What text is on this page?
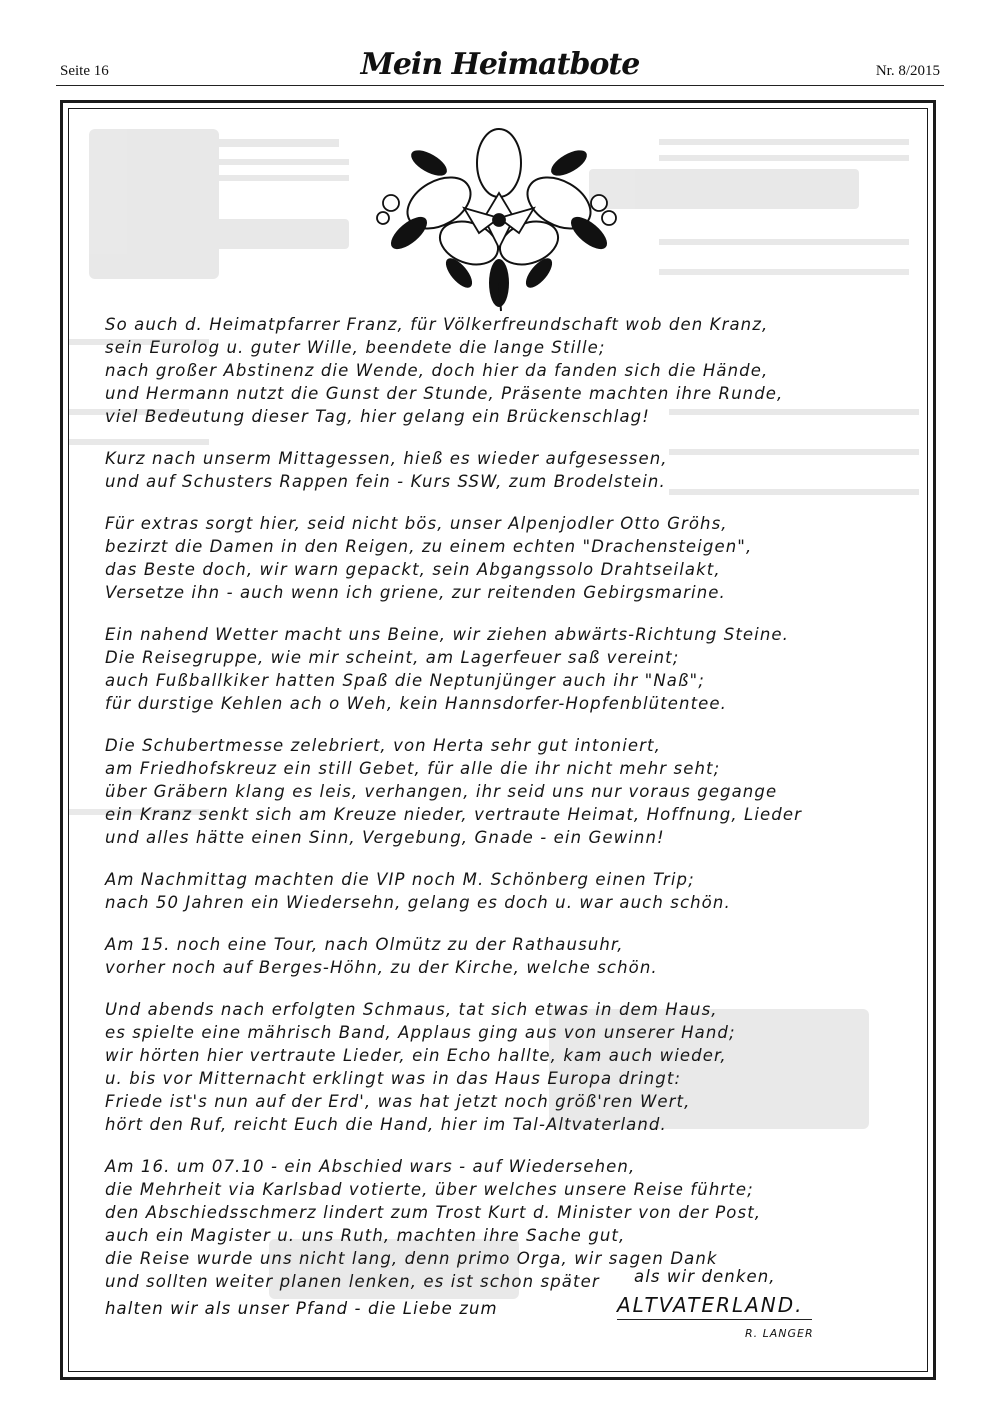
Seite 16	Mein Heimatbote	Nr. 8/2015
So auch d. Heimatpfarrer Franz, für Völkerfreundschaft wob den Kranz,
sein Eurolog u. guter Wille, beendete die lange Stille;
nach großer Abstinenz die Wende, doch hier da fanden sich die Hände,
und Hermann nutzt die Gunst der Stunde, Präsente machten ihre Runde,
viel Bedeutung dieser Tag, hier gelang ein Brückenschlag!
Kurz nach unserm Mittagessen, hieß es wieder aufgesessen,
und auf Schusters Rappen fein - Kurs SSW, zum Brodelstein.
Für extras sorgt hier, seid nicht bös, unser Alpenjodler Otto Gröhs,
bezirzt die Damen in den Reigen, zu einem echten "Drachensteigen",
das Beste doch, wir warn gepackt, sein Abgangssolo Drahtseilakt,
Versetze ihn - auch wenn ich griene, zur reitenden Gebirgsmarine.
Ein nahend Wetter macht uns Beine, wir ziehen abwärts-Richtung Steine.
Die Reisegruppe, wie mir scheint, am Lagerfeuer saß vereint;
auch Fußballkiker hatten Spaß die Neptunjünger auch ihr "Naß";
für durstige Kehlen ach o Weh, kein Hannsdorfer-Hopfenblütentee.
Die Schubertmesse zelebriert, von Herta sehr gut intoniert,
am Friedhofskreuz ein still Gebet, für alle die ihr nicht mehr seht;
über Gräbern klang es leis, verhangen, ihr seid uns nur voraus gegange
ein Kranz senkt sich am Kreuze nieder, vertraute Heimat, Hoffnung, Lieder
und alles hätte einen Sinn, Vergebung, Gnade - ein Gewinn!
Am Nachmittag machten die VIP noch M. Schönberg einen Trip;
nach 50 Jahren ein Wiedersehn, gelang es doch u. war auch schön.
Am 15. noch eine Tour, nach Olmütz zu der Rathausuhr,
vorher noch auf Berges-Höhn, zu der Kirche, welche schön.
Und abends nach erfolgten Schmaus, tat sich etwas in dem Haus,
es spielte eine mährisch Band, Applaus ging aus von unserer Hand;
wir hörten hier vertraute Lieder, ein Echo hallte, kam auch wieder,
u. bis vor Mitternacht erklingt was in das Haus Europa dringt:
Friede ist's nun auf der Erd', was hat jetzt noch größ'ren Wert,
hört den Ruf, reicht Euch die Hand, hier im Tal-Altvaterland.
Am 16. um 07.10 - ein Abschied wars - auf Wiedersehen,
die Mehrheit via Karlsbad votierte, über welches unsere Reise führte;
den Abschiedsschmerz lindert zum Trost Kurt d. Minister von der Post,
auch ein Magister u. uns Ruth, machten ihre Sache gut,
die Reise wurde uns nicht lang, denn primo Orga, wir sagen Dank
und sollten weiter planen lenken, es ist schon später	als wir denken,
halten wir als unser Pfand - die Liebe zum	ALTVATERLAND.
R. LANGER
